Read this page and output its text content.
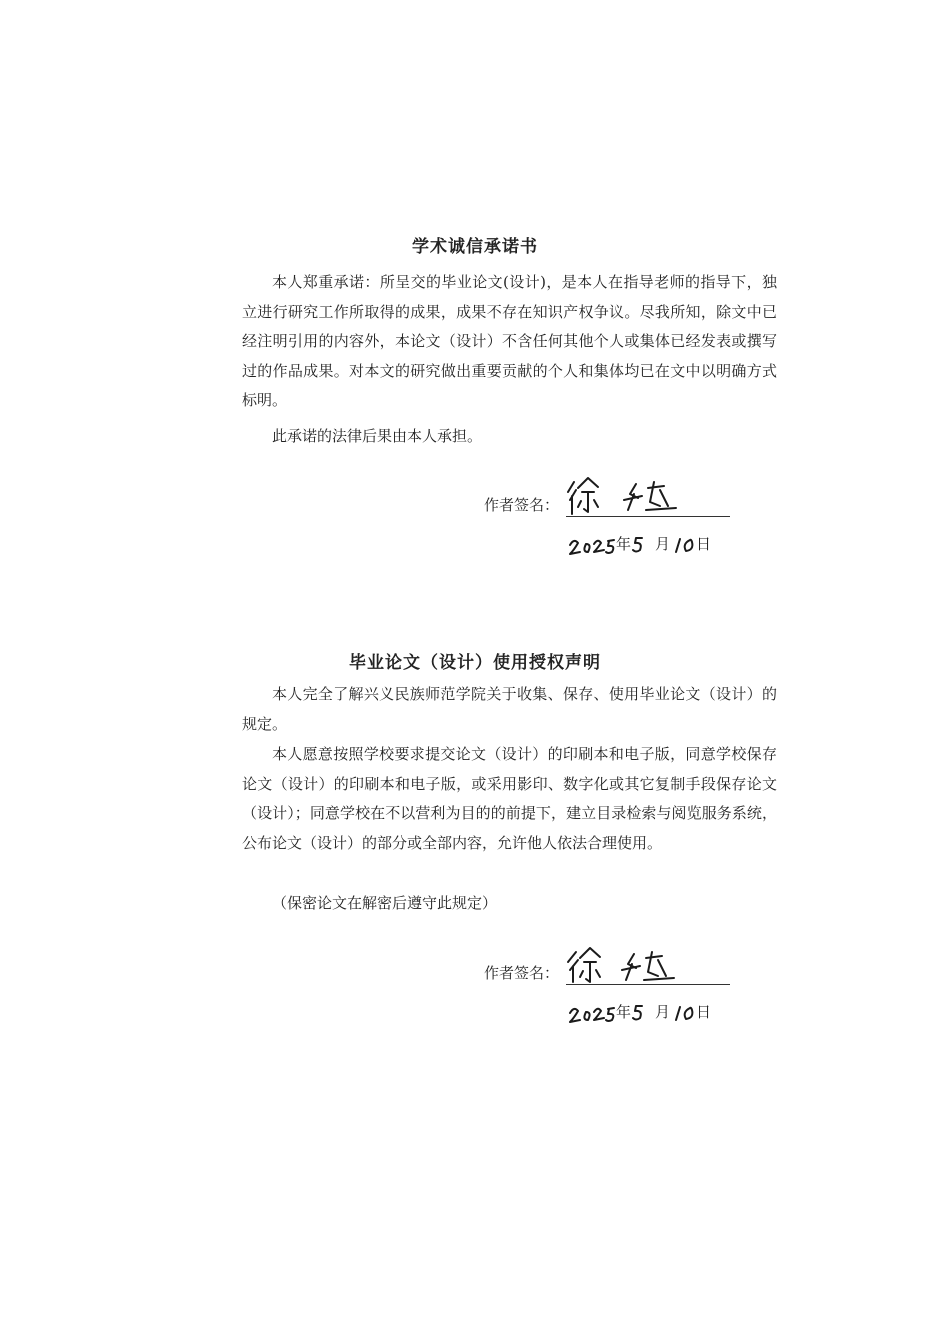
学术诚信承诺书

本人郑重承诺：所呈交的毕业论文(设计)，是本人在指导老师的指导下，独立进行研究工作所取得的成果，成果不存在知识产权争议。尽我所知，除文中已经注明引用的内容外，本论文（设计）不含任何其他个人或集体已经发表或撰写过的作品成果。对本文的研究做出重要贡献的个人和集体均已在文中以明确方式标明。

此承诺的法律后果由本人承担。

作者签名：
年 月 日
毕业论文（设计）使用授权声明

本人完全了解兴义民族师范学院关于收集、保存、使用毕业论文（设计）的规定。

本人愿意按照学校要求提交论文（设计）的印刷本和电子版，同意学校保存论文（设计）的印刷本和电子版，或采用影印、数字化或其它复制手段保存论文（设计）；同意学校在不以营利为目的的前提下，建立目录检索与阅览服务系统，公布论文（设计）的部分或全部内容，允许他人依法合理使用。

（保密论文在解密后遵守此规定）

作者签名：
年 月 日
